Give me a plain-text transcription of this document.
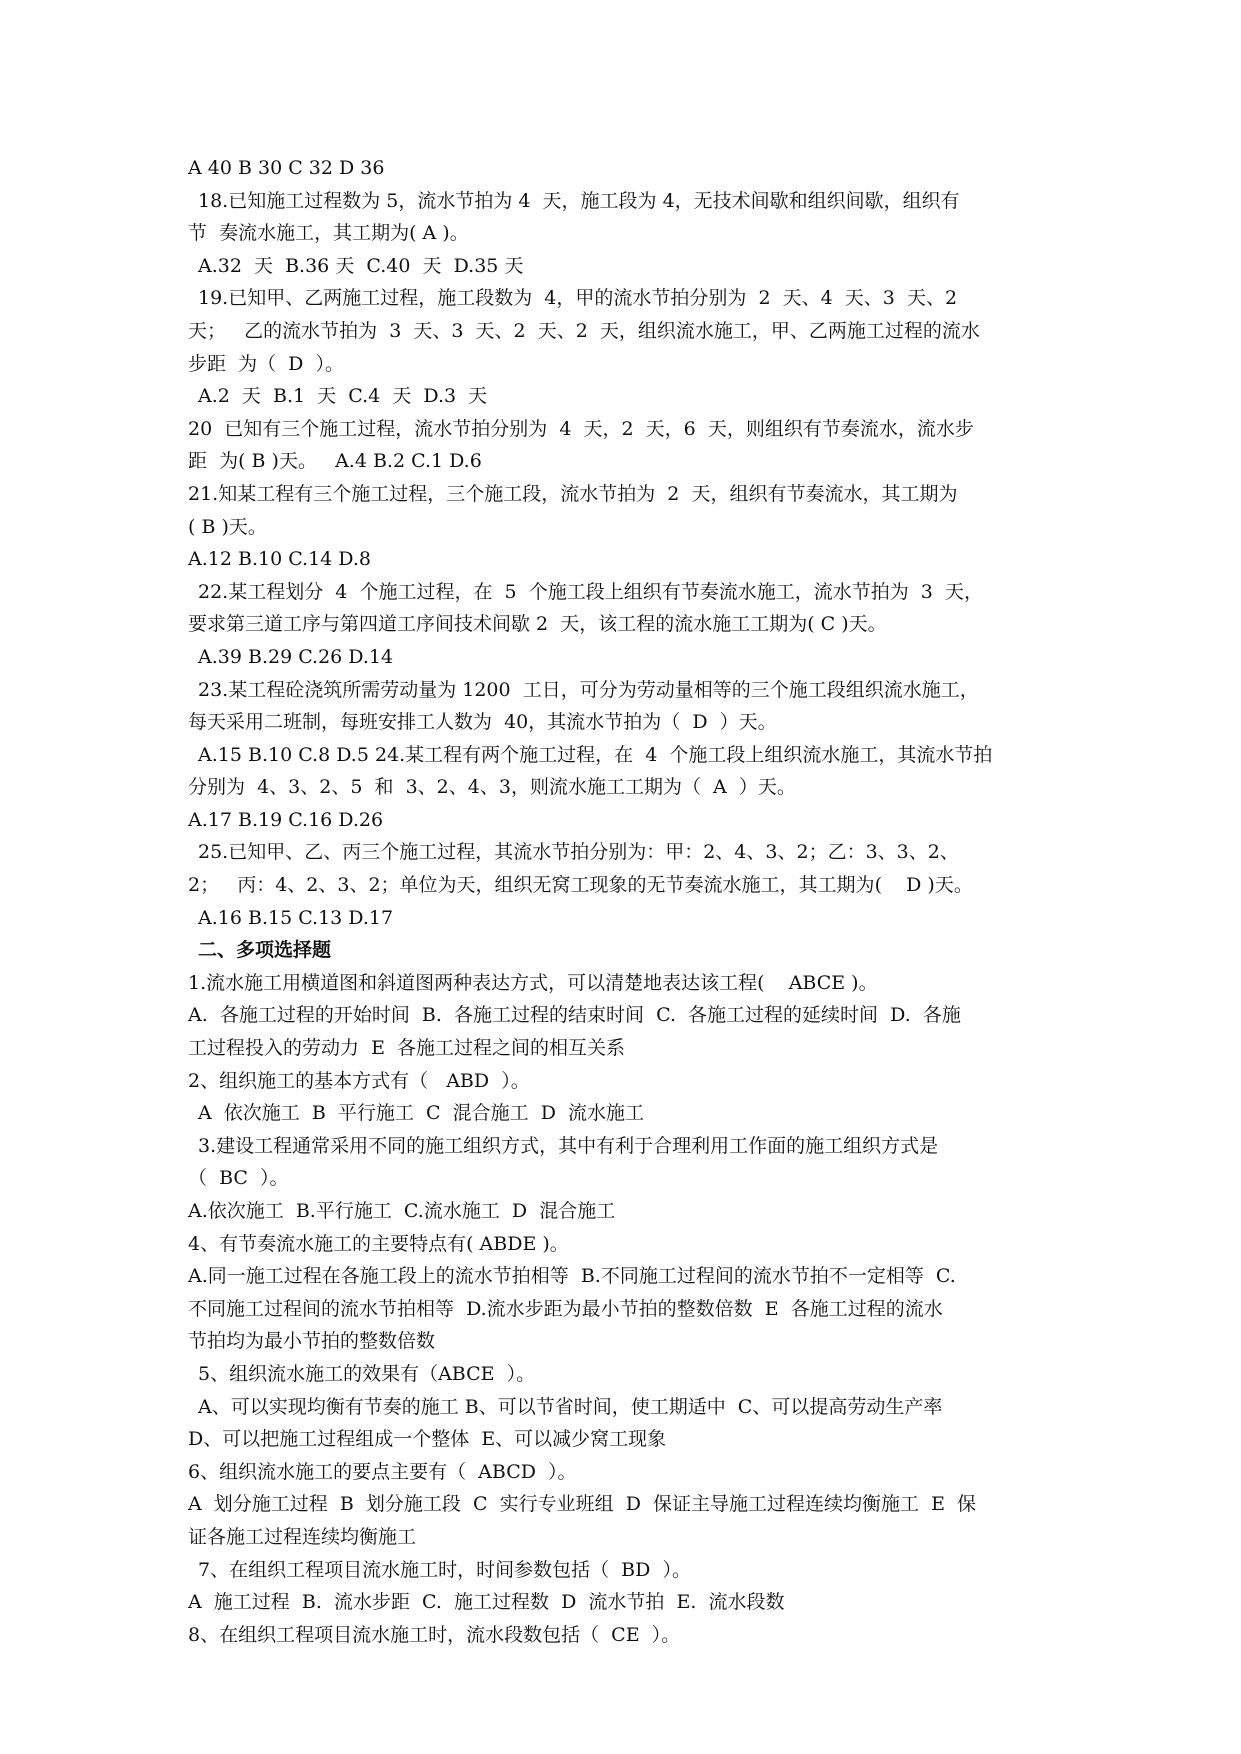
A 40 B 30 C 32 D 36
18.已知施工过程数为 5，流水节拍为 4  天，施工段为 4，无技术间歇和组织间歇，组织有
节  奏流水施工，其工期为( A )。
A.32  天  B.36 天  C.40  天  D.35 天
19.已知甲、乙两施工过程，施工段数为  4，甲的流水节拍分别为  2  天、4  天、3  天、2
天；   乙的流水节拍为  3  天、3  天、2  天、2  天，组织流水施工，甲、乙两施工过程的流水
步距  为（  D  ）。
A.2  天  B.1  天  C.4  天  D.3  天
20  已知有三个施工过程，流水节拍分别为  4  天，2  天，6  天，则组织有节奏流水，流水步
距  为( B )天。   A.4 B.2 C.1 D.6
21.知某工程有三个施工过程，三个施工段，流水节拍为  2  天，组织有节奏流水，其工期为
( B )天。
A.12 B.10 C.14 D.8
22.某工程划分  4  个施工过程，在  5  个施工段上组织有节奏流水施工，流水节拍为  3  天，
要求第三道工序与第四道工序间技术间歇 2  天，该工程的流水施工工期为( C )天。
A.39 B.29 C.26 D.14
23.某工程砼浇筑所需劳动量为 1200  工日，可分为劳动量相等的三个施工段组织流水施工，
每天采用二班制，每班安排工人数为  40，其流水节拍为（  D  ）天。
A.15 B.10 C.8 D.5 24.某工程有两个施工过程，在  4  个施工段上组织流水施工，其流水节拍
分别为  4、3、2、5  和  3、2、4、3，则流水施工工期为（  A  ）天。
A.17 B.19 C.16 D.26
25.已知甲、乙、丙三个施工过程，其流水节拍分别为：甲：2、4、3、2；乙：3、3、2、
2；   丙：4、2、3、2；单位为天，组织无窝工现象的无节奏流水施工，其工期为(    D )天。
A.16 B.15 C.13 D.17
二、多项选择题
1.流水施工用横道图和斜道图两种表达方式，可以清楚地表达该工程(    ABCE )。
A.  各施工过程的开始时间  B.  各施工过程的结束时间  C.  各施工过程的延续时间  D.  各施
工过程投入的劳动力  E  各施工过程之间的相互关系
2、组织施工的基本方式有（   ABD  ）。
A  依次施工  B  平行施工  C  混合施工  D  流水施工
3.建设工程通常采用不同的施工组织方式，其中有利于合理利用工作面的施工组织方式是
（  BC  ）。
A.依次施工  B.平行施工  C.流水施工  D  混合施工
4、有节奏流水施工的主要特点有( ABDE )。
A.同一施工过程在各施工段上的流水节拍相等  B.不同施工过程间的流水节拍不一定相等  C.
不同施工过程间的流水节拍相等  D.流水步距为最小节拍的整数倍数  E  各施工过程的流水
节拍均为最小节拍的整数倍数
5、组织流水施工的效果有（ABCE  ）。
A、可以实现均衡有节奏的施工 B、可以节省时间，使工期适中  C、可以提高劳动生产率
D、可以把施工过程组成一个整体  E、可以减少窝工现象
6、组织流水施工的要点主要有（  ABCD  ）。
A  划分施工过程  B  划分施工段  C  实行专业班组  D  保证主导施工过程连续均衡施工  E  保
证各施工过程连续均衡施工
7、在组织工程项目流水施工时，时间参数包括（  BD  ）。
A  施工过程  B.  流水步距  C.  施工过程数  D  流水节拍  E.  流水段数
8、在组织工程项目流水施工时，流水段数包括（  CE  ）。
